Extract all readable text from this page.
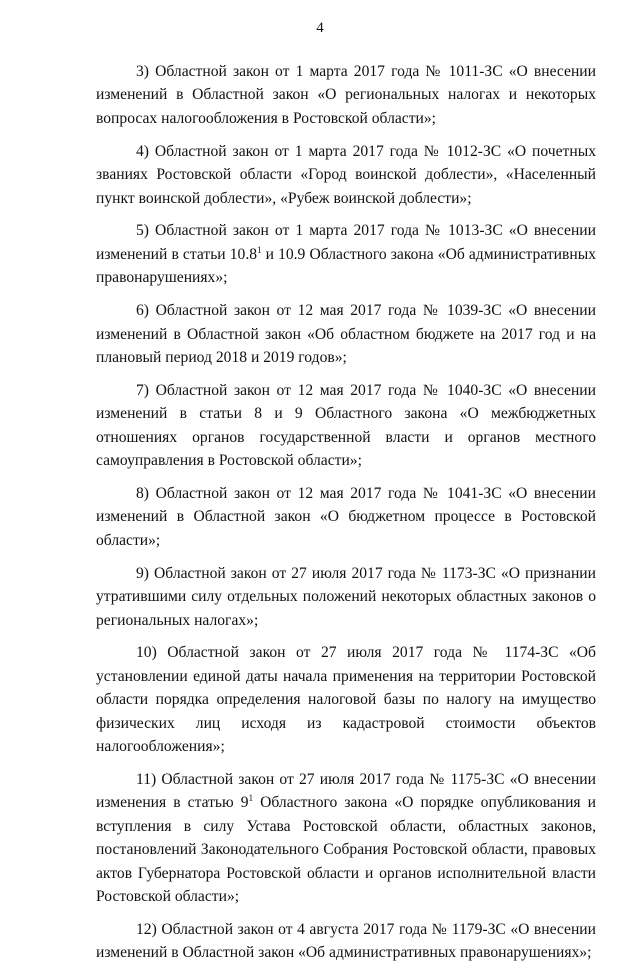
4

3) Областной закон от 1 марта 2017 года № 1011-ЗС «О внесении изменений в Областной закон «О региональных налогах и некоторых вопросах налогообложения в Ростовской области»;

4) Областной закон от 1 марта 2017 года № 1012-ЗС «О почетных званиях Ростовской области «Город воинской доблести», «Населенный пункт воинской доблести», «Рубеж воинской доблести»;

5) Областной закон от 1 марта 2017 года № 1013-ЗС «О внесении изменений в статьи 10.8$^1$ и 10.9 Областного закона «Об административных правонарушениях»;

6) Областной закон от 12 мая 2017 года № 1039-ЗС «О внесении изменений в Областной закон «Об областном бюджете на 2017 год и на плановый период 2018 и 2019 годов»;

7) Областной закон от 12 мая 2017 года № 1040-ЗС «О внесении изменений в статьи 8 и 9 Областного закона «О межбюджетных отношениях органов государственной власти и органов местного самоуправления в Ростовской области»;

8) Областной закон от 12 мая 2017 года № 1041-ЗС «О внесении изменений в Областной закон «О бюджетном процессе в Ростовской области»;

9) Областной закон от 27 июля 2017 года № 1173-ЗС «О признании утратившими силу отдельных положений некоторых областных законов о региональных налогах»;

10) Областной закон от 27 июля 2017 года № 1174-ЗС «Об установлении единой даты начала применения на территории Ростовской области порядка определения налоговой базы по налогу на имущество физических лиц исходя из кадастровой стоимости объектов налогообложения»;

11) Областной закон от 27 июля 2017 года № 1175-ЗС «О внесении изменения в статью $9^1$ Областного закона «О порядке опубликования и вступления в силу Устава Ростовской области, областных законов, постановлений Законодательного Собрания Ростовской области, правовых актов Губернатора Ростовской области и органов исполнительной власти Ростовской области»;

12) Областной закон от 4 августа 2017 года № 1179-ЗС «О внесении изменений в Областной закон «Об административных правонарушениях»;
